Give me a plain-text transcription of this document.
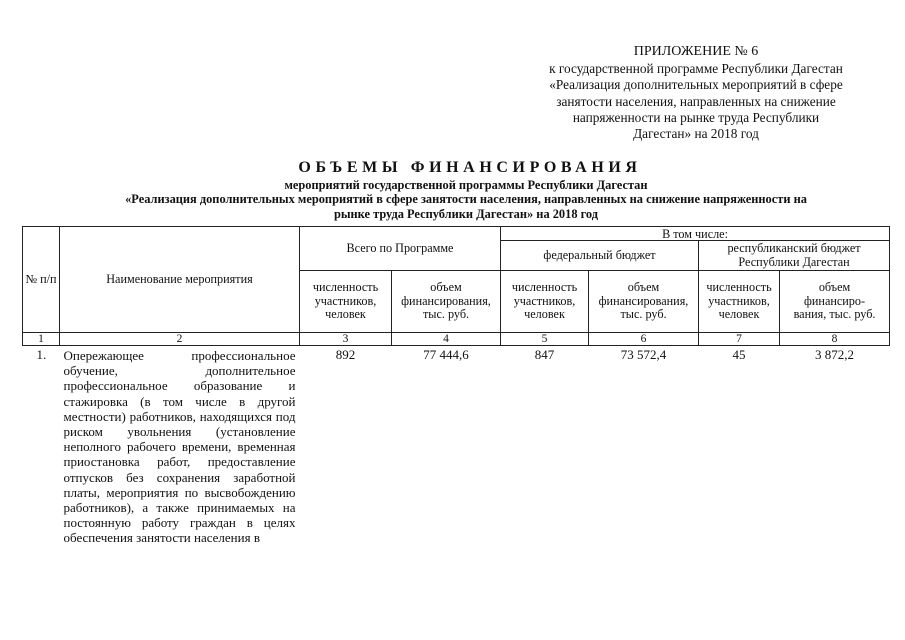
ПРИЛОЖЕНИЕ № 6
к государственной программе Республики Дагестан
«Реализация дополнительных мероприятий в сфере
занятости населения, направленных на снижение
напряженности на рынке труда Республики
Дагестан» на 2018 год
ОБЪЕМЫ ФИНАНСИРОВАНИЯ
мероприятий государственной программы Республики Дагестан
«Реализация дополнительных мероприятий в сфере занятости населения, направленных на снижение напряженности на
рынке труда Республики Дагестан» на 2018 год
№ п/п	Наименование мероприятия	Всего по Программе		В том числе:			
				федеральный бюджет		республиканский бюджет Республики Дагестан	
		численность участников, человек	объем финансирования, тыс. руб.	численность участников, человек	объем финансирования, тыс. руб.	численность участников, человек	объем финансиро-вания, тыс. руб.
1	2	3	4	5	6	7	8
1.	Опережающее профессиональное обучение, дополнительное профессиональное образование и стажировка (в том числе в другой местности) работников, находящихся под риском увольнения (установление неполного рабочего времени, временная приостановка работ, предоставление отпусков без сохранения заработной платы, мероприятия по высвобождению работников), а также принимаемых на постоянную работу граждан в целях обеспечения занятости населения в	892	77 444,6	847	73 572,4	45	3 872,2
